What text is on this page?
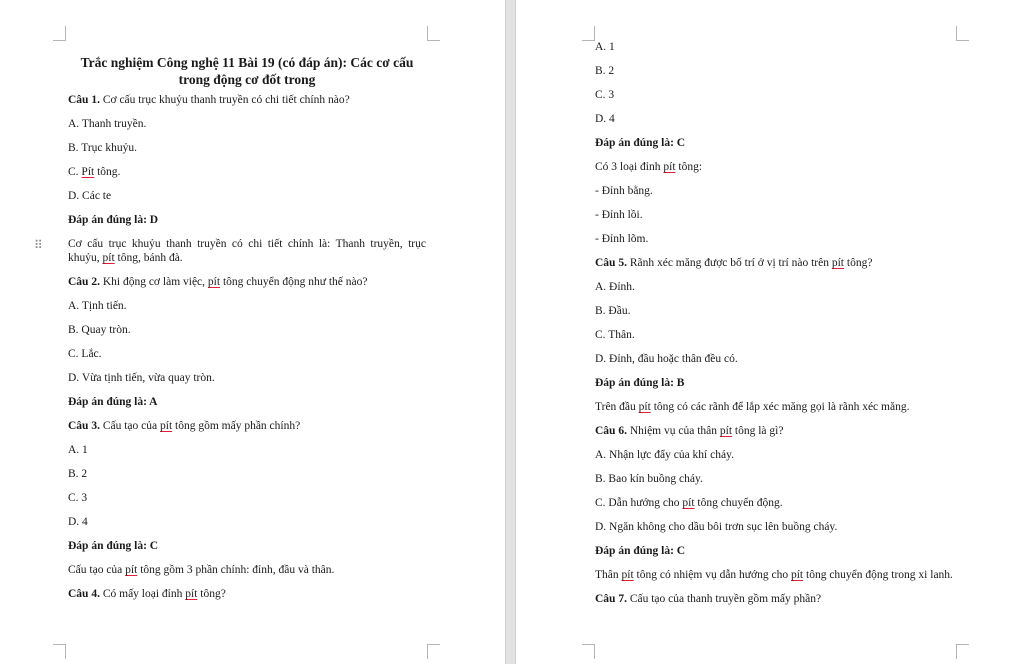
⠿

Trắc nghiệm Công nghệ 11 Bài 19 (có đáp án): Các cơ cấu trong động cơ đốt trong

Câu 1. Cơ cấu trục khuỷu thanh truyền có chi tiết chính nào?

A. Thanh truyền.

B. Trục khuỷu.

C. Pít tông.

D. Các te

Đáp án đúng là: D

Cơ cấu trục khuỷu thanh truyền có chi tiết chính là: Thanh truyền, trục khuỷu, pít tông, bánh đà.

Câu 2. Khi động cơ làm việc, pít tông chuyển động như thế nào?

A. Tịnh tiến.

B. Quay tròn.

C. Lắc.

D. Vừa tịnh tiến, vừa quay tròn.

Đáp án đúng là: A

Câu 3. Cấu tạo của pít tông gồm mấy phần chính?

A. 1

B. 2

C. 3

D. 4

Đáp án đúng là: C

Cấu tạo của pít tông gồm 3 phần chính: đỉnh, đầu và thân.

Câu 4. Có mấy loại đỉnh pít tông?

A. 1

B. 2

C. 3

D. 4

Đáp án đúng là: C

Có 3 loại đỉnh pít tông:

- Đỉnh bằng.

- Đỉnh lồi.

- Đỉnh lõm.

Câu 5. Rãnh xéc măng được bố trí ở vị trí nào trên pít tông?

A. Đỉnh.

B. Đầu.

C. Thân.

D. Đỉnh, đầu hoặc thân đều có.

Đáp án đúng là: B

Trên đầu pít tông có các rãnh để lắp xéc măng gọi là rãnh xéc măng.

Câu 6. Nhiệm vụ của thân pít tông là gì?

A. Nhận lực đẩy của khí cháy.

B. Bao kín buồng cháy.

C. Dẫn hướng cho pít tông chuyển động.

D. Ngăn không cho dầu bôi trơn sục lên buồng cháy.

Đáp án đúng là: C

Thân pít tông có nhiệm vụ dẫn hướng cho pít tông chuyển động trong xi lanh.

Câu 7. Cấu tạo của thanh truyền gồm mấy phần?
